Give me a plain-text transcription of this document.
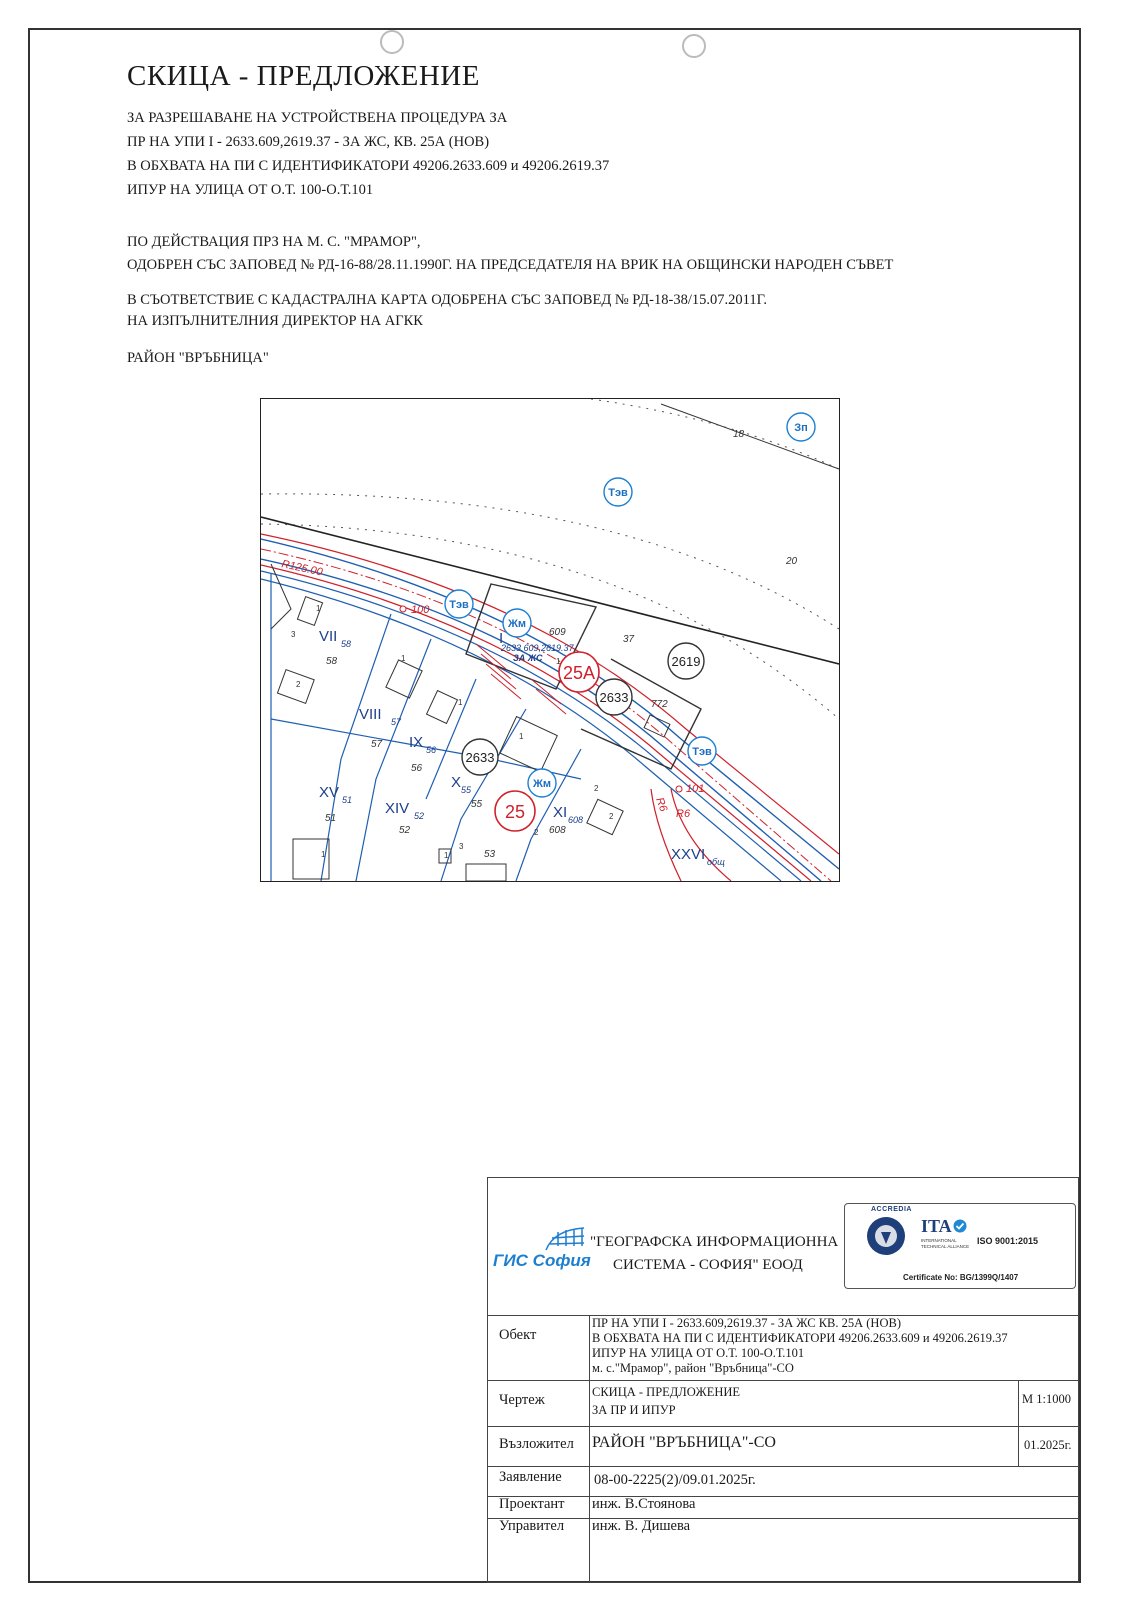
СКИЦА - ПРЕДЛОЖЕНИЕ
ЗА РАЗРЕШАВАНЕ НА УСТРОЙСТВЕНА ПРОЦЕДУРА ЗА
ПР НА УПИ I - 2633.609,2619.37 - ЗА ЖС, КВ. 25А (НОВ)
В ОБХВАТА НА ПИ С ИДЕНТИФИКАТОРИ 49206.2633.609 и 49206.2619.37
ИПУР НА УЛИЦА ОТ О.Т. 100-О.Т.101
ПО ДЕЙСТВАЦИЯ ПРЗ НА М. С. "МРАМОР",
ОДОБРЕН СЪС ЗАПОВЕД № РД-16-88/28.11.1990Г. НА ПРЕДСЕДАТЕЛЯ НА ВРИК НА ОБЩИНСКИ НАРОДЕН СЪВЕТ
В СЪОТВЕТСТВИЕ С КАДАСТРАЛНА КАРТА ОДОБРЕНА СЪС ЗАПОВЕД № РД-18-38/15.07.2011Г.
НА ИЗПЪЛНИТЕЛНИЯ ДИРЕКТОР НА АГКК
РАЙОН "ВРЪБНИЦА"
Зп
Тэв
Тэв
Тэв
Жм
Жм
2619
2633
2633
25А
25
18
20
37
609
772
58
57
56
55
51
52
53
608
R125.00
100
101
R6
R6
I
VII
VIII
IX
X
XI
XV
XIV
XXVI
58
57
56
55
608
51
52
общ
2633.609,2619.37
ЗА ЖС
1
2
3
1
1
1
2
3
1
2
2
1
1
ГИС София
"ГЕОГРАФСКА ИНФОРМАЦИОННА
СИСТЕМА - СОФИЯ" ЕООД
ACCREDIA
ITA
INTERNATIONAL
TECHNICAL ALLIANCE
ISO 9001:2015
Certificate No: BG/1399Q/1407
Обект
ПР НА УПИ I - 2633.609,2619.37 - ЗА ЖС КВ. 25А (НОВ)
В ОБХВАТА НА ПИ С ИДЕНТИФИКАТОРИ 49206.2633.609 и 49206.2619.37
ИПУР НА УЛИЦА ОТ О.Т. 100-О.Т.101
м. с."Мрамор", район "Връбница"-СО
Чертеж	СКИЦА - ПРЕДЛОЖЕНИЕ
ЗА ПР И ИПУР
М 1:1000
Възложител РАЙОН "ВРЪБНИЦА"-СО	01.2025г.
Заявление 08-00-2225(2)/09.01.2025г.
Проектант инж. В.Стоянова
Управител инж. В. Дишева
